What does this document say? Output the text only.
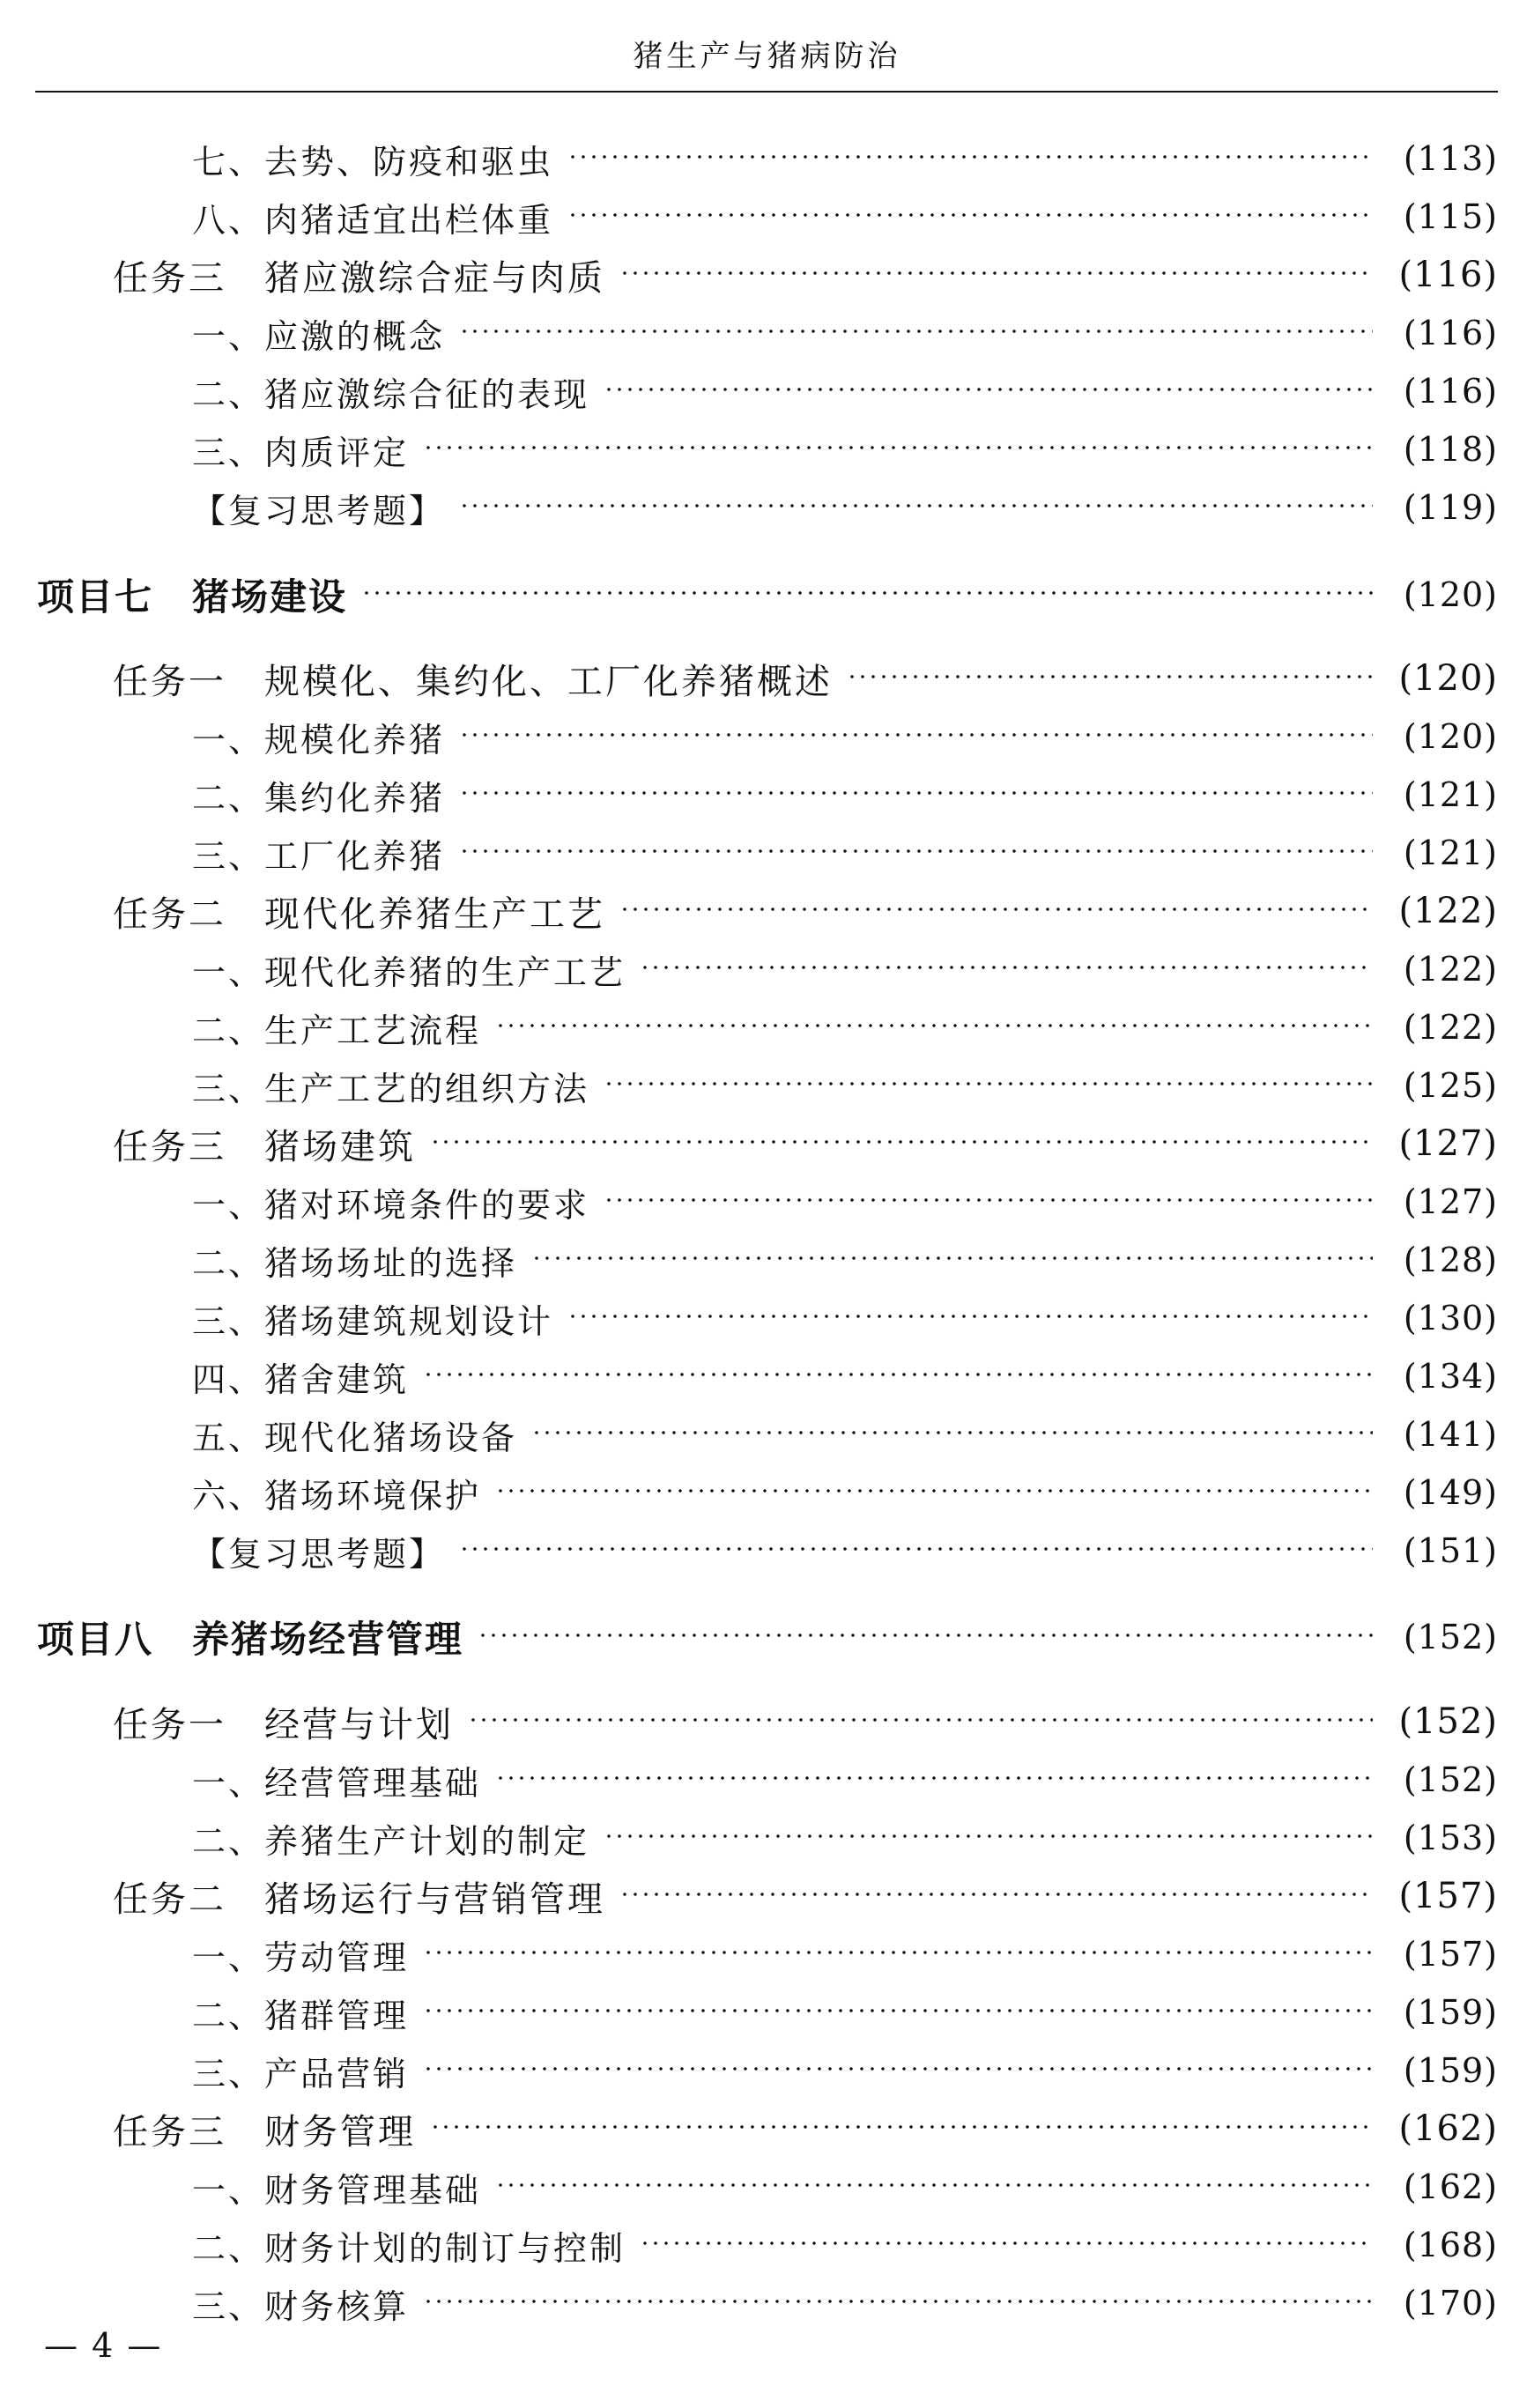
猪生产与猪病防治
七、去势、防疫和驱虫	(113)
八、肉猪适宜出栏体重	(115)
任务三　猪应激综合症与肉质	(116)
一、应激的概念	(116)
二、猪应激综合征的表现	(116)
三、肉质评定	(118)
【复习思考题】	(119)
项目七　猪场建设	(120)
任务一　规模化、集约化、工厂化养猪概述	(120)
一、规模化养猪	(120)
二、集约化养猪	(121)
三、工厂化养猪	(121)
任务二　现代化养猪生产工艺	(122)
一、现代化养猪的生产工艺	(122)
二、生产工艺流程	(122)
三、生产工艺的组织方法	(125)
任务三　猪场建筑	(127)
一、猪对环境条件的要求	(127)
二、猪场场址的选择	(128)
三、猪场建筑规划设计	(130)
四、猪舍建筑	(134)
五、现代化猪场设备	(141)
六、猪场环境保护	(149)
【复习思考题】	(151)
项目八　养猪场经营管理	(152)
任务一　经营与计划	(152)
一、经营管理基础	(152)
二、养猪生产计划的制定	(153)
任务二　猪场运行与营销管理	(157)
一、劳动管理	(157)
二、猪群管理	(159)
三、产品营销	(159)
任务三　财务管理	(162)
一、财务管理基础	(162)
二、财务计划的制订与控制	(168)
三、财务核算	(170)
— 4 —
